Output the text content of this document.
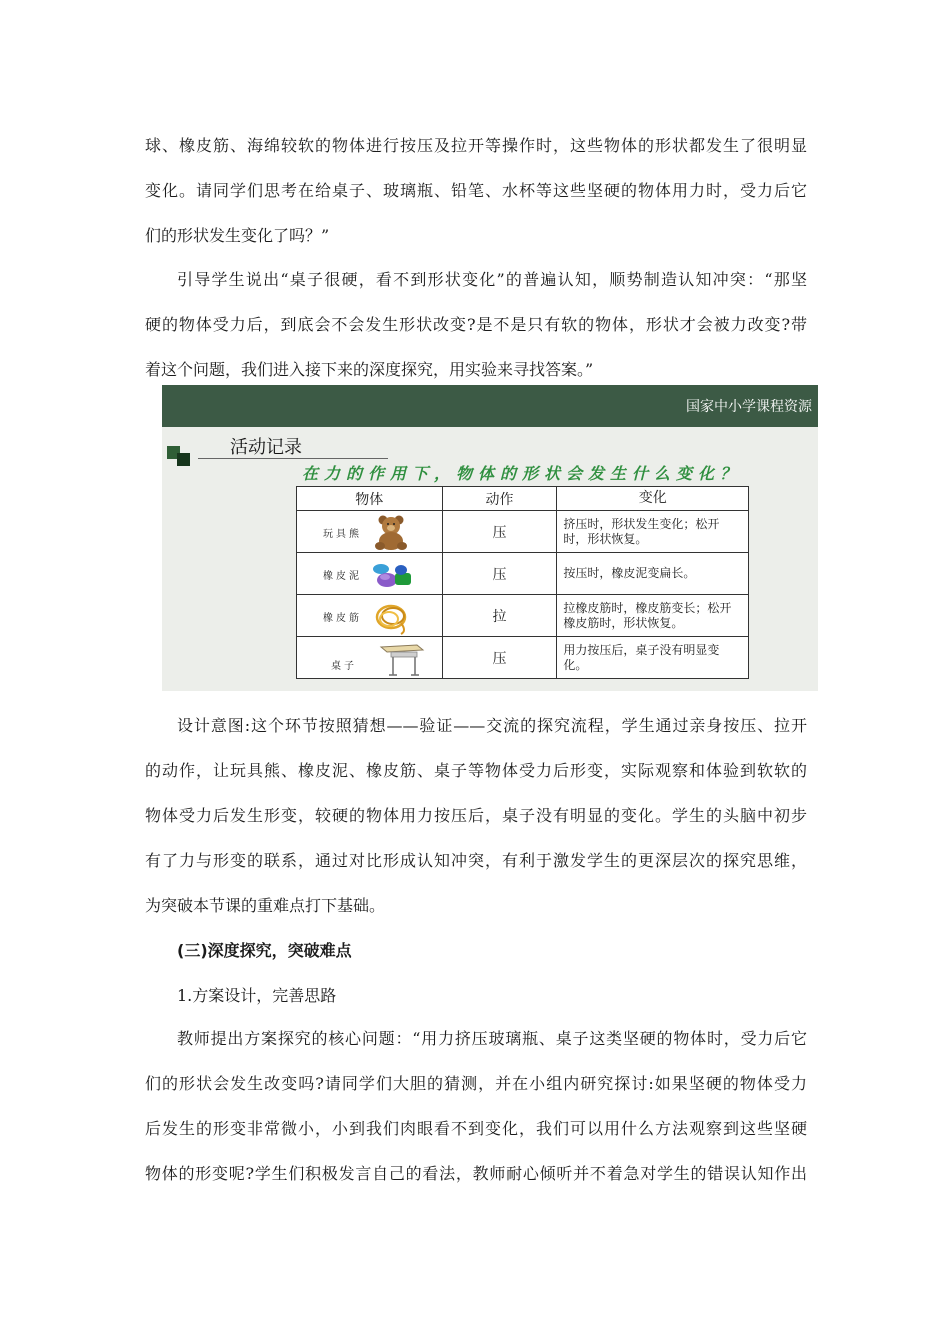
球、橡皮筋、海绵较软的物体进行按压及拉开等操作时，这些物体的形状都发生了很明显
变化。请同学们思考在给桌子、玻璃瓶、铅笔、水杯等这些坚硬的物体用力时，受力后它
们的形状发生变化了吗？”
引导学生说出“桌子很硬，看不到形状变化”的普遍认知，顺势制造认知冲突：“那坚
硬的物体受力后，到底会不会发生形状改变?是不是只有软的物体，形状才会被力改变?带
着这个问题，我们进入接下来的深度探究，用实验来寻找答案。”
国家中小学课程资源
活动记录
在力的作用下，物体的形状会发生什么变化？
物体	动作	变化

玩具熊	压	挤压时，形状发生变化；松开时，形状恢复。

橡皮泥	压	按压时，橡皮泥变扁长。

橡皮筋	拉	拉橡皮筋时，橡皮筋变长；松开橡皮筋时，形状恢复。

桌子	压	用力按压后，桌子没有明显变化。
设计意图:这个环节按照猜想——验证——交流的探究流程，学生通过亲身按压、拉开
的动作，让玩具熊、橡皮泥、橡皮筋、桌子等物体受力后形变，实际观察和体验到软软的
物体受力后发生形变，较硬的物体用力按压后，桌子没有明显的变化。学生的头脑中初步
有了力与形变的联系，通过对比形成认知冲突，有利于激发学生的更深层次的探究思维，
为突破本节课的重难点打下基础。
(三)深度探究，突破难点
1.方案设计，完善思路
教师提出方案探究的核心问题：“用力挤压玻璃瓶、桌子这类坚硬的物体时，受力后它
们的形状会发生改变吗?请同学们大胆的猜测，并在小组内研究探讨:如果坚硬的物体受力
后发生的形变非常微小，小到我们肉眼看不到变化，我们可以用什么方法观察到这些坚硬
物体的形变呢?学生们积极发言自己的看法，教师耐心倾听并不着急对学生的错误认知作出
